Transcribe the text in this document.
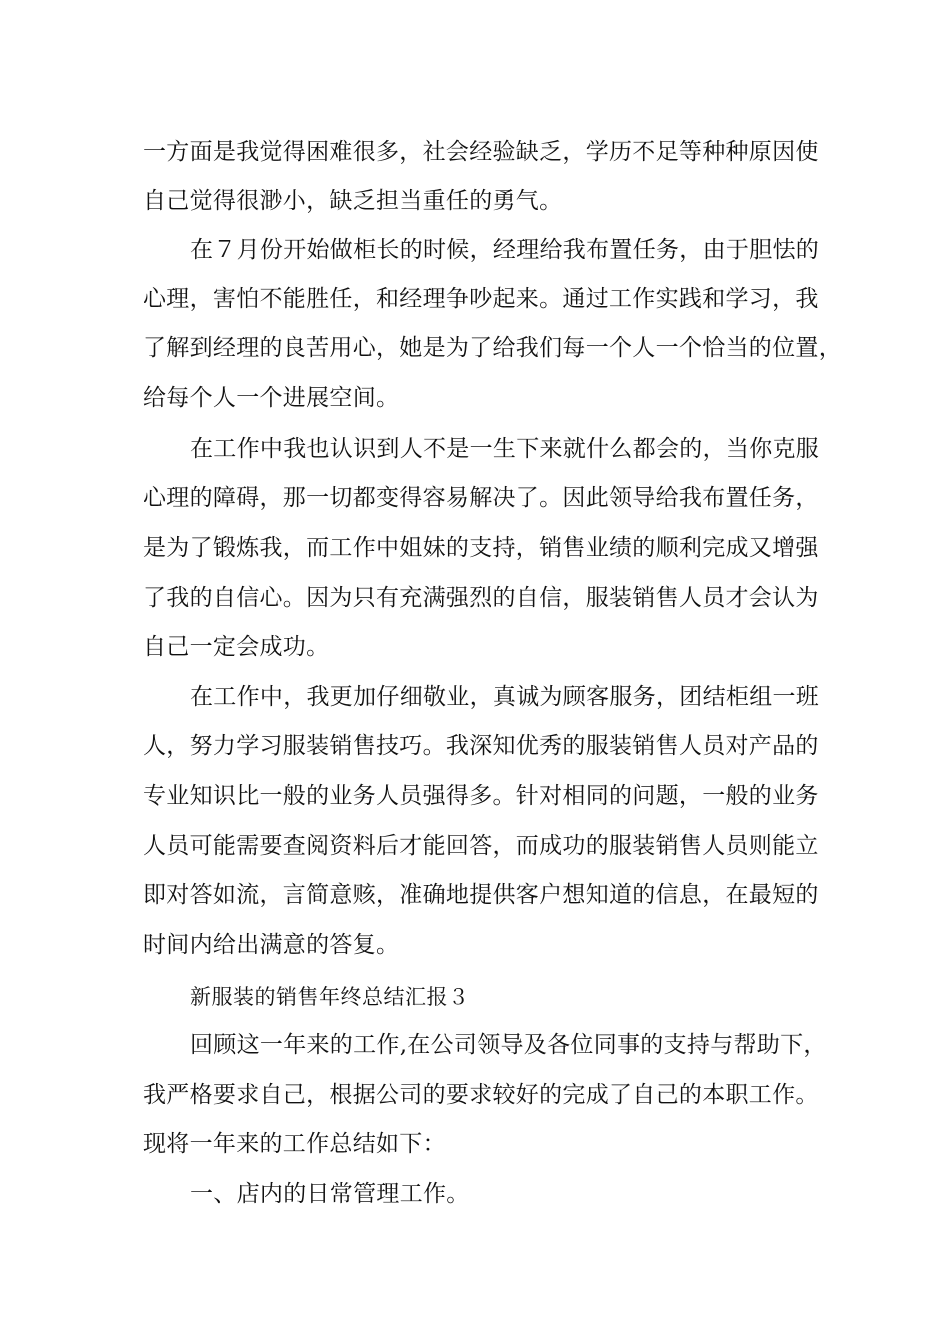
一方面是我觉得困难很多，社会经验缺乏，学历不足等种种原因使
自己觉得很渺小，缺乏担当重任的勇气。
在７月份开始做柜长的时候，经理给我布置任务，由于胆怯的
心理，害怕不能胜任，和经理争吵起来。通过工作实践和学习，我
了解到经理的良苦用心，她是为了给我们每一个人一个恰当的位置，
给每个人一个进展空间。
在工作中我也认识到人不是一生下来就什么都会的，当你克服
心理的障碍，那一切都变得容易解决了。因此领导给我布置任务，
是为了锻炼我，而工作中姐妹的支持，销售业绩的顺利完成又增强
了我的自信心。因为只有充满强烈的自信，服装销售人员才会认为
自己一定会成功。
在工作中，我更加仔细敬业，真诚为顾客服务，团结柜组一班
人，努力学习服装销售技巧。我深知优秀的服装销售人员对产品的
专业知识比一般的业务人员强得多。针对相同的问题，一般的业务
人员可能需要查阅资料后才能回答，而成功的服装销售人员则能立
即对答如流，言简意赅，准确地提供客户想知道的信息，在最短的
时间内给出满意的答复。
新服装的销售年终总结汇报３
回顾这一年来的工作,在公司领导及各位同事的支持与帮助下，
我严格要求自己，根据公司的要求较好的完成了自己的本职工作。
现将一年来的工作总结如下：
一、店内的日常管理工作。
